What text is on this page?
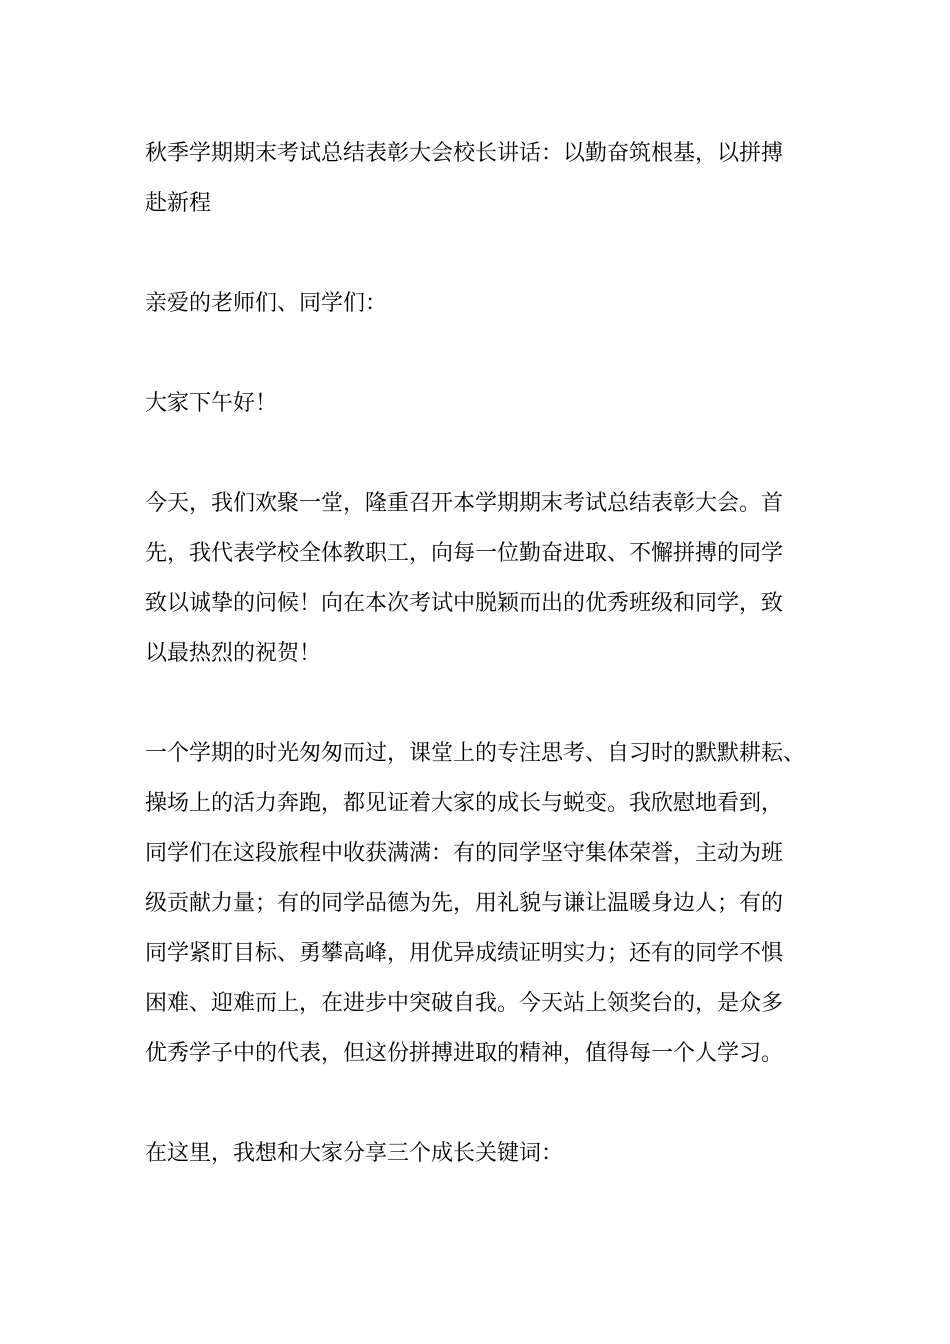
秋季学期期末考试总结表彰大会校长讲话：以勤奋筑根基，以拼搏
赴新程
亲爱的老师们、同学们：
大家下午好！
今天，我们欢聚一堂，隆重召开本学期期末考试总结表彰大会。首
先，我代表学校全体教职工，向每一位勤奋进取、不懈拼搏的同学
致以诚挚的问候！向在本次考试中脱颖而出的优秀班级和同学，致
以最热烈的祝贺！
一个学期的时光匆匆而过，课堂上的专注思考、自习时的默默耕耘、
操场上的活力奔跑，都见证着大家的成长与蜕变。我欣慰地看到，
同学们在这段旅程中收获满满：有的同学坚守集体荣誉，主动为班
级贡献力量；有的同学品德为先，用礼貌与谦让温暖身边人；有的
同学紧盯目标、勇攀高峰，用优异成绩证明实力；还有的同学不惧
困难、迎难而上，在进步中突破自我。今天站上领奖台的，是众多
优秀学子中的代表，但这份拼搏进取的精神，值得每一个人学习。
在这里，我想和大家分享三个成长关键词：
